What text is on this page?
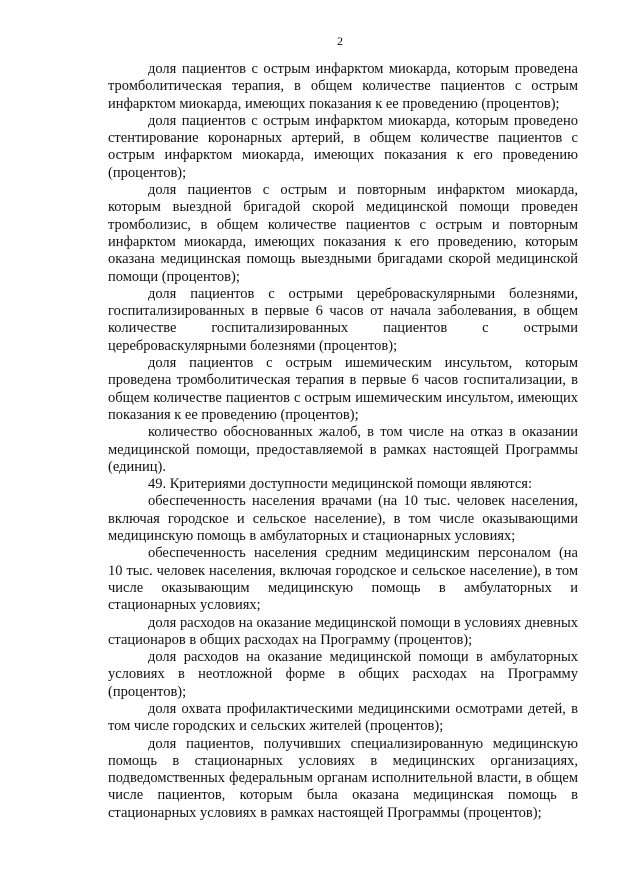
2
доля пациентов с острым инфарктом миокарда, которым проведена
тромболитическая терапия, в общем количестве пациентов с острым
инфарктом миокарда, имеющих показания к ее проведению (процентов);
доля пациентов с острым инфарктом миокарда, которым проведено
стентирование коронарных артерий, в общем количестве пациентов с
острым инфарктом миокарда, имеющих показания к его проведению
(процентов);
доля пациентов с острым и повторным инфарктом миокарда,
которым выездной бригадой скорой медицинской помощи проведен
тромболизис, в общем количестве пациентов с острым и повторным
инфарктом миокарда, имеющих показания к его проведению, которым
оказана медицинская помощь выездными бригадами скорой медицинской
помощи (процентов);
доля пациентов с острыми цереброваскулярными болезнями,
госпитализированных в первые 6 часов от начала заболевания, в общем
количестве госпитализированных пациентов с острыми
цереброваскулярными болезнями (процентов);
доля пациентов с острым ишемическим инсультом, которым
проведена тромболитическая терапия в первые 6 часов госпитализации, в
общем количестве пациентов с острым ишемическим инсультом, имеющих
показания к ее проведению (процентов);
количество обоснованных жалоб, в том числе на отказ в оказании
медицинской помощи, предоставляемой в рамках настоящей Программы
(единиц).
49. Критериями доступности медицинской помощи являются:
обеспеченность населения врачами (на 10 тыс. человек населения,
включая городское и сельское население), в том числе оказывающими
медицинскую помощь в амбулаторных и стационарных условиях;
обеспеченность населения средним медицинским персоналом (на
10 тыс. человек населения, включая городское и сельское население), в том
числе оказывающим медицинскую помощь в амбулаторных и
стационарных условиях;
доля расходов на оказание медицинской помощи в условиях дневных
стационаров в общих расходах на Программу (процентов);
доля расходов на оказание медицинской помощи в амбулаторных
условиях в неотложной форме в общих расходах на Программу
(процентов);
доля охвата профилактическими медицинскими осмотрами детей, в
том числе городских и сельских жителей (процентов);
доля пациентов, получивших специализированную медицинскую
помощь в стационарных условиях в медицинских организациях,
подведомственных федеральным органам исполнительной власти, в общем
числе пациентов, которым была оказана медицинская помощь в
стационарных условиях в рамках настоящей Программы (процентов);
